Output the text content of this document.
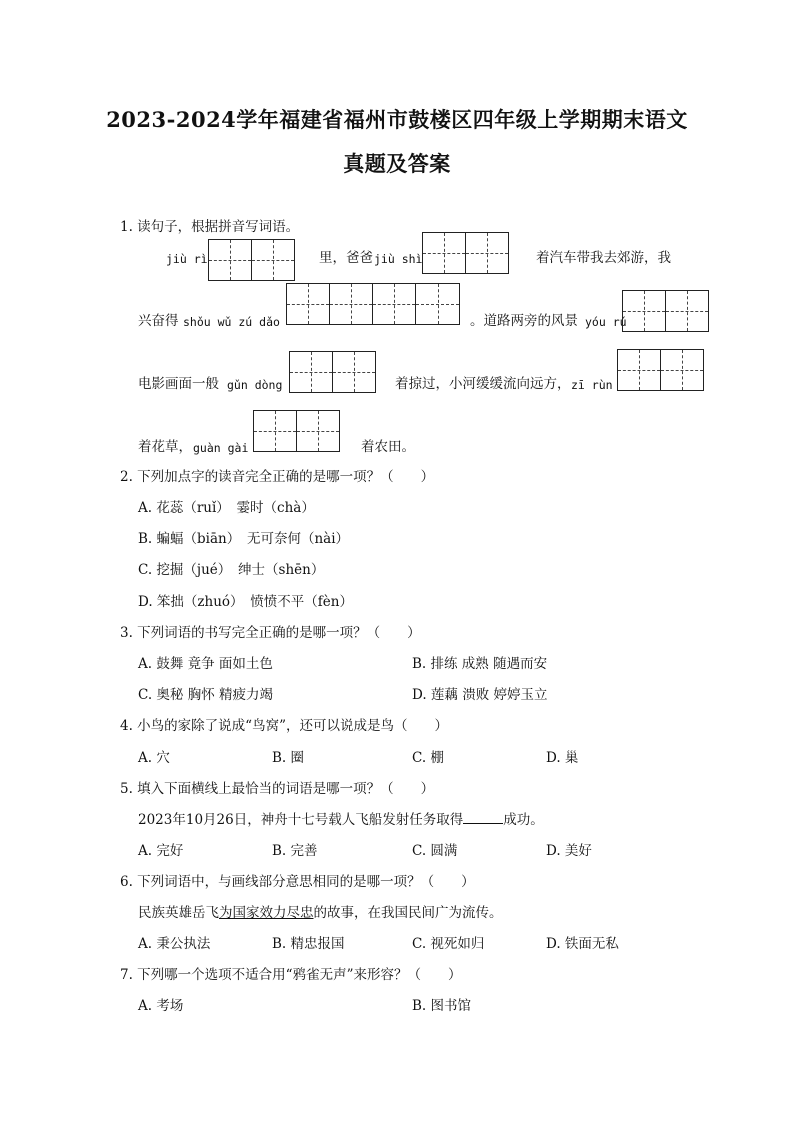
2023-2024学年福建省福州市鼓楼区四年级上学期期末语文
真题及答案
1. 读句子，根据拼音写词语。
jiù rì	里，爸爸 jiù shì	着汽车带我去郊游，我
兴奋得 shǒu wǔ zú dǎo	。道路两旁的风景 yóu rú
电影画面一般 gǔn dòng	着掠过，小河缓缓流向远方， zī rùn
着花草， guàn gài	着农田。
2. 下列加点字的读音完全正确的是哪一项？（　　）
A. 花蕊（ruǐ）　霎时（chà）
B. 蝙蝠（biān）　无可奈何（nài）
C. 挖掘（jué）　绅士（shēn）
D. 笨拙（zhuó）　愤愤不平（fèn）
3. 下列词语的书写完全正确的是哪一项？（　　）
A. 鼓舞 竟争 面如土色	B. 排练 成熟 随遇而安
C. 奥秘 胸怀 精疲力竭	D. 莲藕 溃败 婷婷玉立
4. 小鸟的家除了说成“鸟窝”，还可以说成是鸟（　　）
A. 穴	B. 圈	C. 棚	D. 巢
5. 填入下面横线上最恰当的词语是哪一项？（　　）
2023年10月26日，神舟十七号载人飞船发射任务取得	成功。
A. 完好	B. 完善	C. 圆满	D. 美好
6. 下列词语中，与画线部分意思相同的是哪一项？（　　）
民族英雄岳飞为国家效力尽忠的故事，在我国民间广为流传。
A. 秉公执法	B. 精忠报国	C. 视死如归	D. 铁面无私
7. 下列哪一个选项不适合用“鸦雀无声”来形容？（　　）
A. 考场	B. 图书馆
